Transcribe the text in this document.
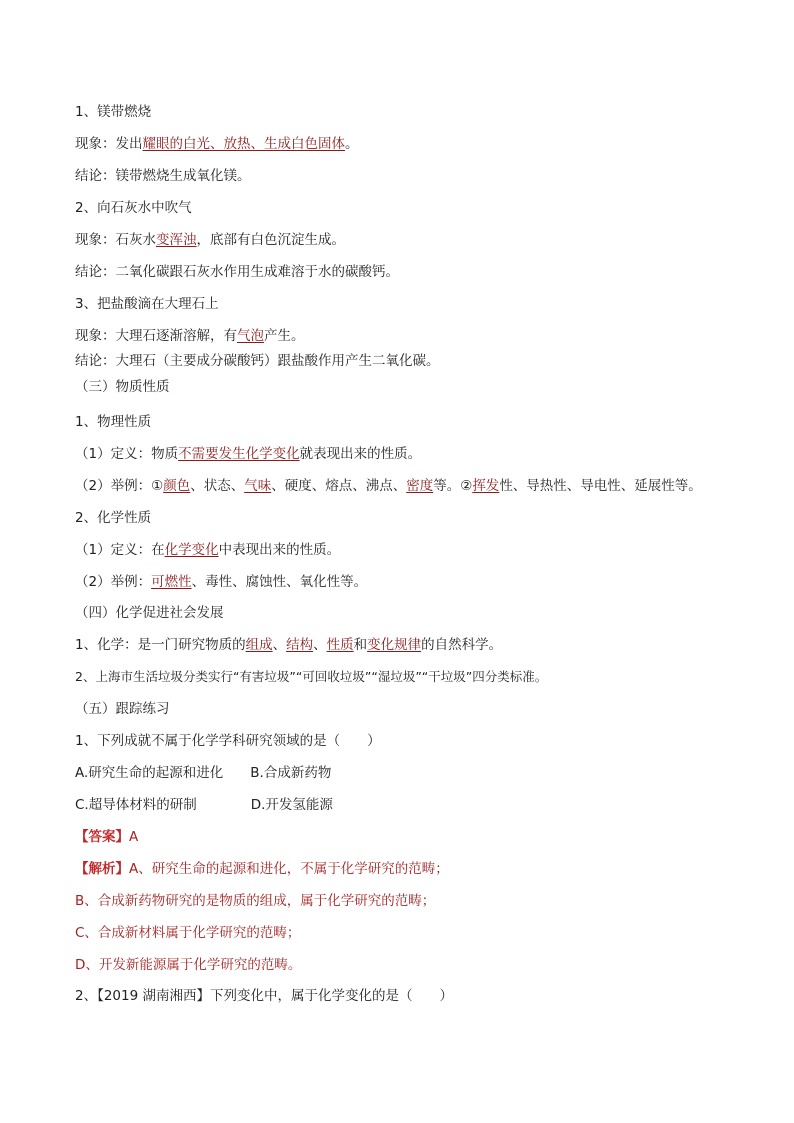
1、镁带燃烧
现象：发出耀眼的白光、放热、生成白色固体。
结论：镁带燃烧生成氧化镁。
2、向石灰水中吹气
现象：石灰水变浑浊，底部有白色沉淀生成。
结论：二氧化碳跟石灰水作用生成难溶于水的碳酸钙。
3、把盐酸滴在大理石上
现象：大理石逐渐溶解，有气泡产生。
结论：大理石（主要成分碳酸钙）跟盐酸作用产生二氧化碳。
（三）物质性质
1、物理性质
（1）定义：物质不需要发生化学变化就表现出来的性质。
（2）举例：①颜色、状态、气味、硬度、熔点、沸点、密度等。②挥发性、导热性、导电性、延展性等。
2、化学性质
（1）定义：在化学变化中表现出来的性质。
（2）举例：可燃性、毒性、腐蚀性、氧化性等。
（四）化学促进社会发展
1、化学：是一门研究物质的组成、结构、性质和变化规律的自然科学。
2、上海市生活垃圾分类实行“有害垃圾”“可回收垃圾”“湿垃圾”“干垃圾”四分类标准。
（五）跟踪练习
1、下列成就不属于化学学科研究领域的是（　　）
A.研究生命的起源和进化　　B.合成新药物
C.超导体材料的研制　　　　D.开发氢能源
【答案】A
【解析】A、研究生命的起源和进化，不属于化学研究的范畴；
B、合成新药物研究的是物质的组成，属于化学研究的范畴；
C、合成新材料属于化学研究的范畴；
D、开发新能源属于化学研究的范畴。
2、【2019 湖南湘西】下列变化中，属于化学变化的是（　　）
